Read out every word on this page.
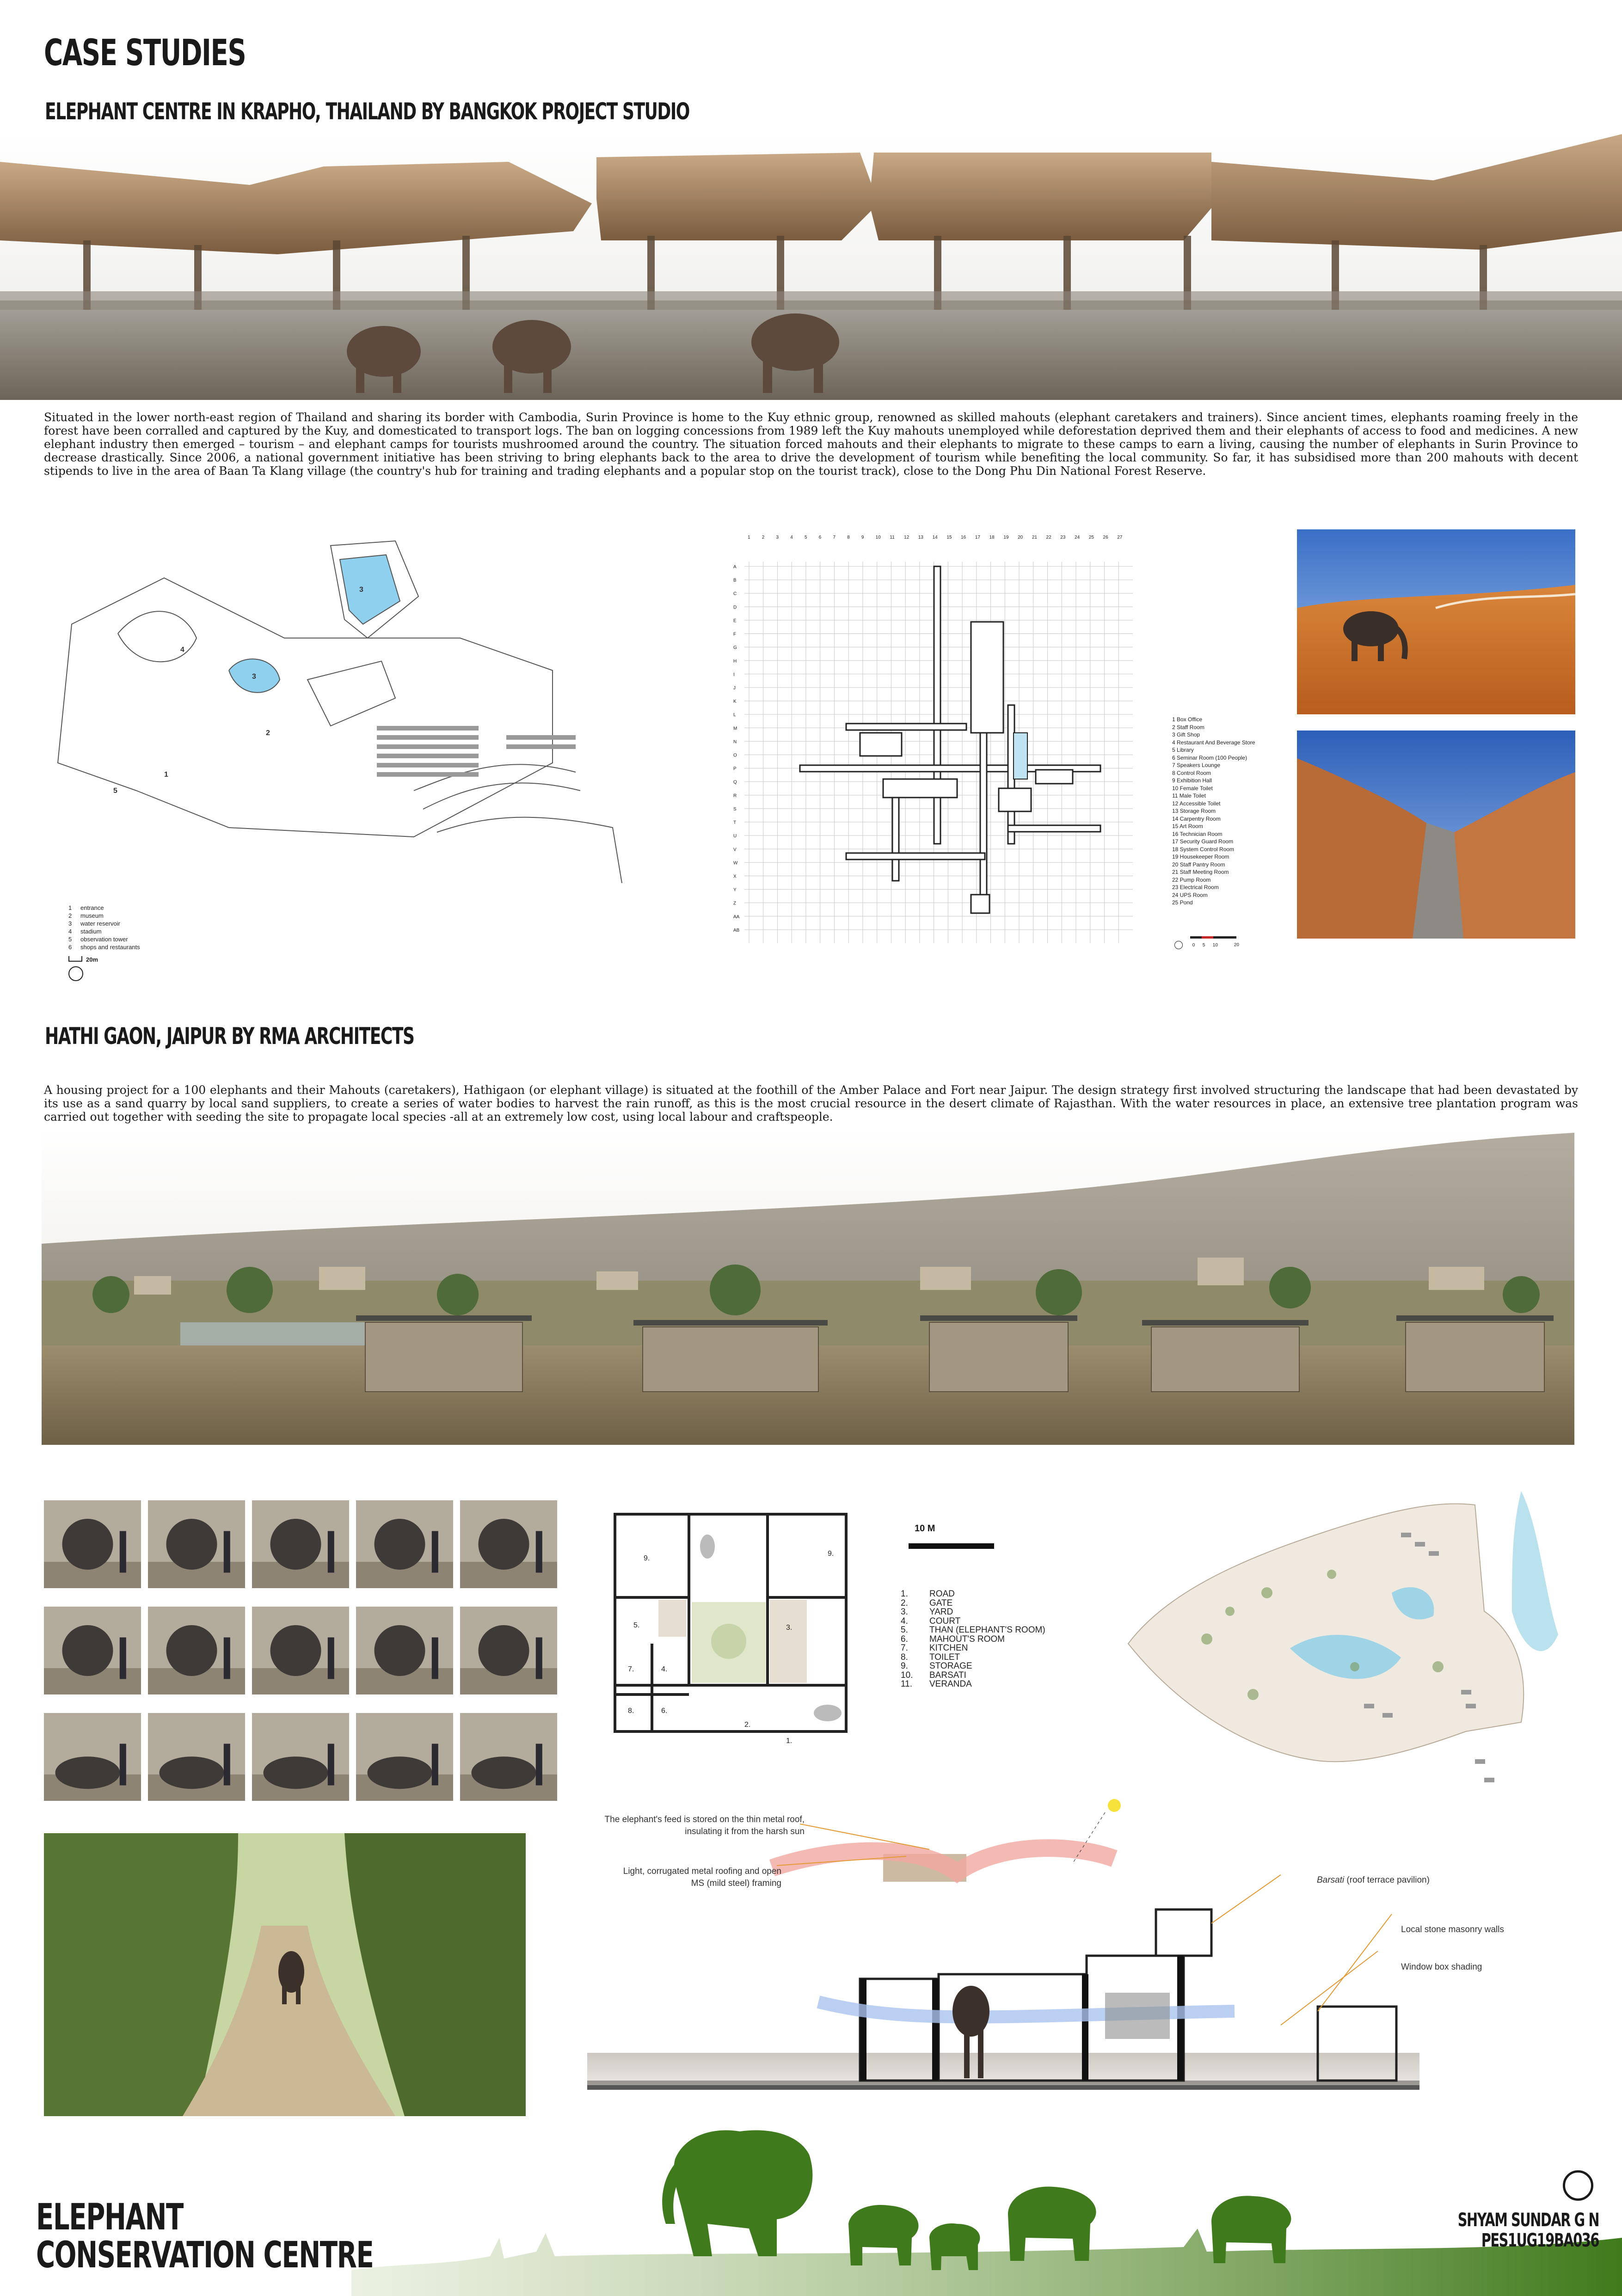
CASE STUDIES
ELEPHANT CENTRE IN KRAPHO, THAILAND BY BANGKOK PROJECT STUDIO
Situated in the lower north-east region of Thailand and sharing its border with Cambodia, Surin Province is home to the Kuy ethnic group, renowned as skilled mahouts (elephant caretakers and trainers). Since ancient times, elephants roaming freely in the forest have been corralled and captured by the Kuy, and domesticated to transport logs. The ban on logging concessions from 1989 left the Kuy mahouts unemployed while deforestation deprived them and their elephants of access to food and medicines. A new elephant industry then emerged – tourism – and elephant camps for tourists mushroomed around the country. The situation forced mahouts and their elephants to migrate to these camps to earn a living, causing the number of elephants in Surin Province to decrease drastically. Since 2006, a national government initiative has been striving to bring elephants back to the area to drive the development of tourism while benefiting the local community. So far, it has subsidised more than 200 mahouts with decent stipends to live in the area of Baan Ta Klang village (the country's hub for training and trading elephants and a popular stop on the tourist track), close to the Dong Phu Din National Forest Reserve.
3
3
4
5
1
2
1 entrance
2 museum
3 water reservoir
4 stadium
5 observation tower
6 shops and restaurants
20m
1	2	3	4	5	6	7	8	9	10 11 12 13 14 15 16 17 18 19 20 21 22 23 24 25 26 27
A
B
C
D
E
F
G
H
I
J
K
L
M
N
O
P
Q
R
S
T
U
V
W
X
Y
Z
AA
AB
1 Box Office
2 Staff Room
3 Gift Shop
4 Restaurant And Beverage Store
5 Library
6 Seminar Room (100 People)
7 Speakers Lounge
8 Control Room
9 Exhibition Hall
10 Female Toilet
11 Male Toilet
12 Accessible Toilet
13 Storage Room
14 Carpentry Room
15 Art Room
16 Technician Room
17 Security Guard Room
18 System Control Room
19 Housekeeper Room
20 Staff Pantry Room
21 Staff Meeting Room
22 Pump Room
23 Electrical Room
24 UPS Room
25 Pond
0 5 10	20
HATHI GAON, JAIPUR BY RMA ARCHITECTS
A housing project for a 100 elephants and their Mahouts (caretakers), Hathigaon (or elephant village) is situated at the foothill of the Amber Palace and Fort near Jaipur. The design strategy first involved structuring the landscape that had been devastated by its use as a sand quarry by local sand suppliers, to create a series of water bodies to harvest the rain runoff, as this is the most crucial resource in the desert climate of Rajasthan. With the water resources in place, an extensive tree plantation program was carried out together with seeding the site to propagate local species -all at an extremely low cost, using local labour and craftspeople.
9.
9.
5.	3.
7.	4.
8.	6.
2.
1.
10 M
1. ROAD
2. GATE
3. YARD
4. COURT
5. THAN (ELEPHANT'S ROOM)
6. MAHOUT'S ROOM
7. KITCHEN
8. TOILET
9. STORAGE
10. BARSATI
11. VERANDA
The elephant's feed is stored on the thin metal roof, insulating it from the harsh sun
Light, corrugated metal roofing and open MS (mild steel) framing	Barsati (roof terrace pavilion)
Local stone masonry walls
Window box shading
ELEPHANT
CONSERVATION CENTRE
SHYAM SUNDAR G N
PES1UG19BA036
